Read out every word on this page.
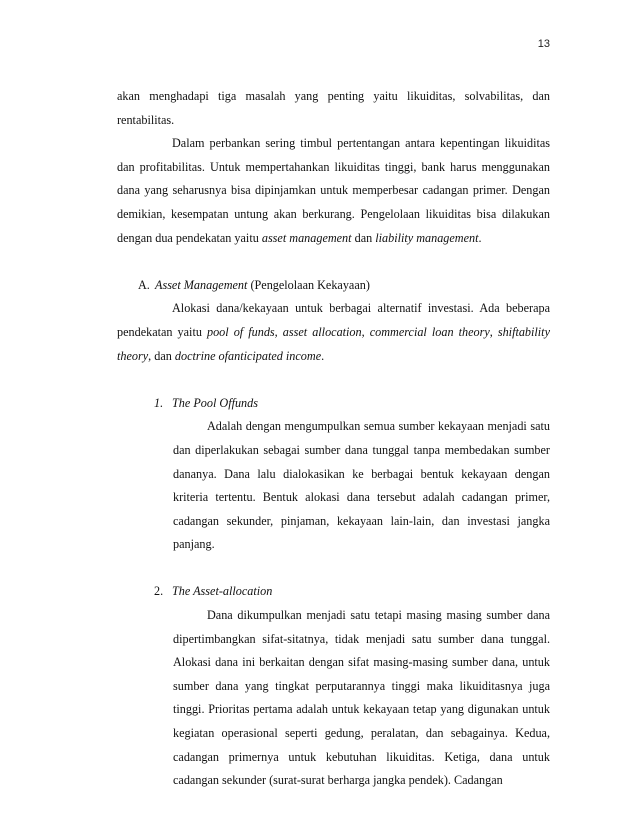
13

akan menghadapi tiga masalah yang penting yaitu likuiditas, solvabilitas, dan rentabilitas.

Dalam perbankan sering timbul pertentangan antara kepentingan likuiditas dan profitabilitas. Untuk mempertahankan likuiditas tinggi, bank harus menggunakan dana yang seharusnya bisa dipinjamkan untuk memperbesar cadangan primer. Dengan demikian, kesempatan untung akan berkurang. Pengelolaan likuiditas bisa dilakukan dengan dua pendekatan yaitu asset management dan liability management.

A. Asset Management (Pengelolaan Kekayaan)

Alokasi dana/kekayaan untuk berbagai alternatif investasi. Ada beberapa pendekatan yaitu pool of funds, asset allocation, commercial loan theory, shiftability theory, dan doctrine ofanticipated income.

1. The Pool Offunds

Adalah dengan mengumpulkan semua sumber kekayaan menjadi satu dan diperlakukan sebagai sumber dana tunggal tanpa membedakan sumber dananya. Dana lalu dialokasikan ke berbagai bentuk kekayaan dengan kriteria tertentu. Bentuk alokasi dana tersebut adalah cadangan primer, cadangan sekunder, pinjaman, kekayaan lain-lain, dan investasi jangka panjang.

2. The Asset-allocation

Dana dikumpulkan menjadi satu tetapi masing masing sumber dana dipertimbangkan sifat-sitatnya, tidak menjadi satu sumber dana tunggal. Alokasi dana ini berkaitan dengan sifat masing-masing sumber dana, untuk sumber dana yang tingkat perputarannya tinggi maka likuiditasnya juga tinggi. Prioritas pertama adalah untuk kekayaan tetap yang digunakan untuk kegiatan operasional seperti gedung, peralatan, dan sebagainya. Kedua, cadangan primernya untuk kebutuhan likuiditas. Ketiga, dana untuk cadangan sekunder (surat-surat berharga jangka pendek). Cadangan
